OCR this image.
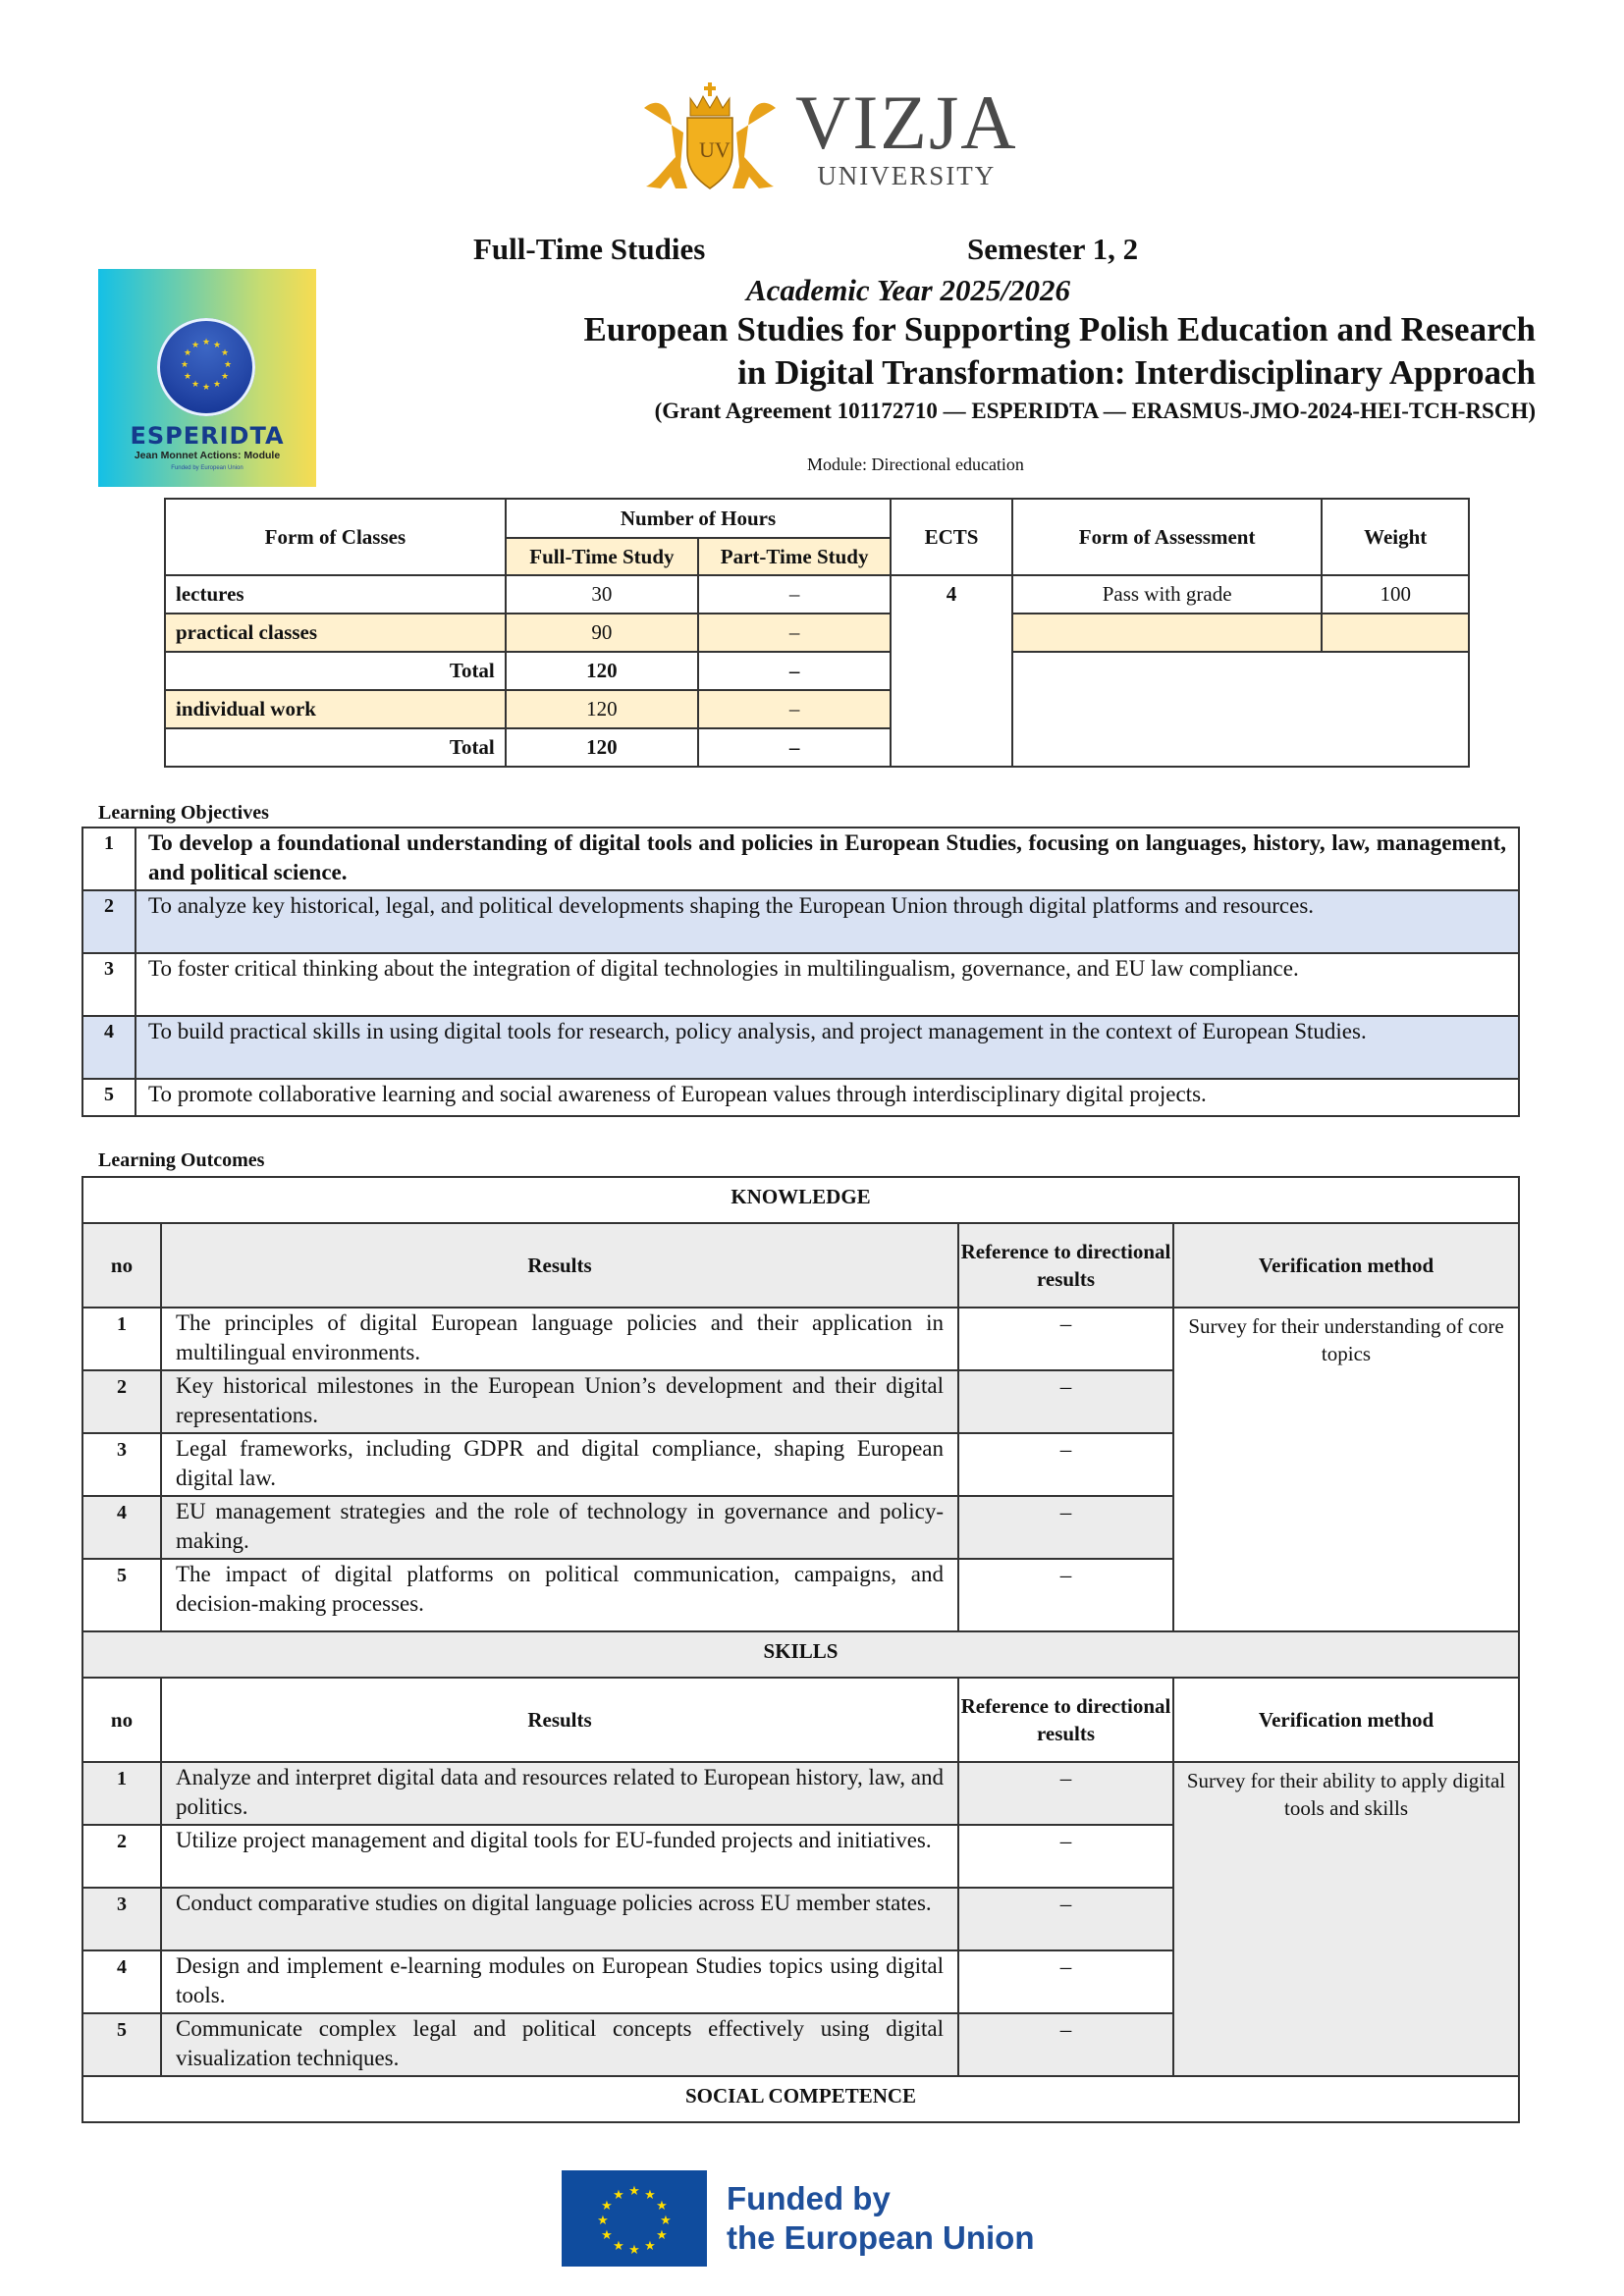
UV VIZJA
UNIVERSITY
★ ★
★
★
★
★
★
★
★
★
★
★
ESPERIDTA
Jean Monnet Actions: Module
Funded by European Union
Full-Time Studies	Semester 1, 2
Academic Year 2025/2026
European Studies for Supporting Polish Education and Research
in Digital Transformation: Interdisciplinary Approach
(Grant Agreement 101172710 — ESPERIDTA — ERASMUS-JMO-2024-HEI-TCH-RSCH)
Module: Directional education
Form of Classes	Number of Hours		ECTS	Form of Assessment	Weight
	Full-Time Study	Part-Time Study			
lectures	30	–	4	Pass with grade	100
practical classes	90	–			
Total	120	–			
individual work	120	–			
Total	120	–			
Learning Objectives
1	To develop a foundational understanding of digital tools and policies in European Studies, focusing on languages, history, law, management, and political science.
2	To analyze key historical, legal, and political developments shaping the European Union through digital platforms and resources.
3	To foster critical thinking about the integration of digital technologies in multilingualism, governance, and EU law compliance.
4	To build practical skills in using digital tools for research, policy analysis, and project management in the context of European Studies.
5	To promote collaborative learning and social awareness of European values through interdisciplinary digital projects.
Learning Outcomes
KNOWLEDGE			
no	Results	Reference to directional results	Verification method
1	The principles of digital European language policies and their application in multilingual environments.	–	Survey for their understanding of core topics
2	Key historical milestones in the European Union’s development and their digital representations.	–	
3	Legal frameworks, including GDPR and digital compliance, shaping European digital law.	–	
4	EU management strategies and the role of technology in governance and policy-making.	–	
5	The impact of digital platforms on political communication, campaigns, and decision-making processes.	–	
SKILLS			
no	Results	Reference to directional results	Verification method
1	Analyze and interpret digital data and resources related to European history, law, and politics.	–	Survey for their ability to apply digital tools and skills
2	Utilize project management and digital tools for EU-funded projects and initiatives.	–	
3	Conduct comparative studies on digital language policies across EU member states.	–	
4	Design and implement e-learning modules on European Studies topics using digital tools.	–	
5	Communicate complex legal and political concepts effectively using digital visualization techniques.	–	
SOCIAL COMPETENCE			
★ ★
★
★
★
★
★
★
★
★
★
★	Funded by
the European Union
